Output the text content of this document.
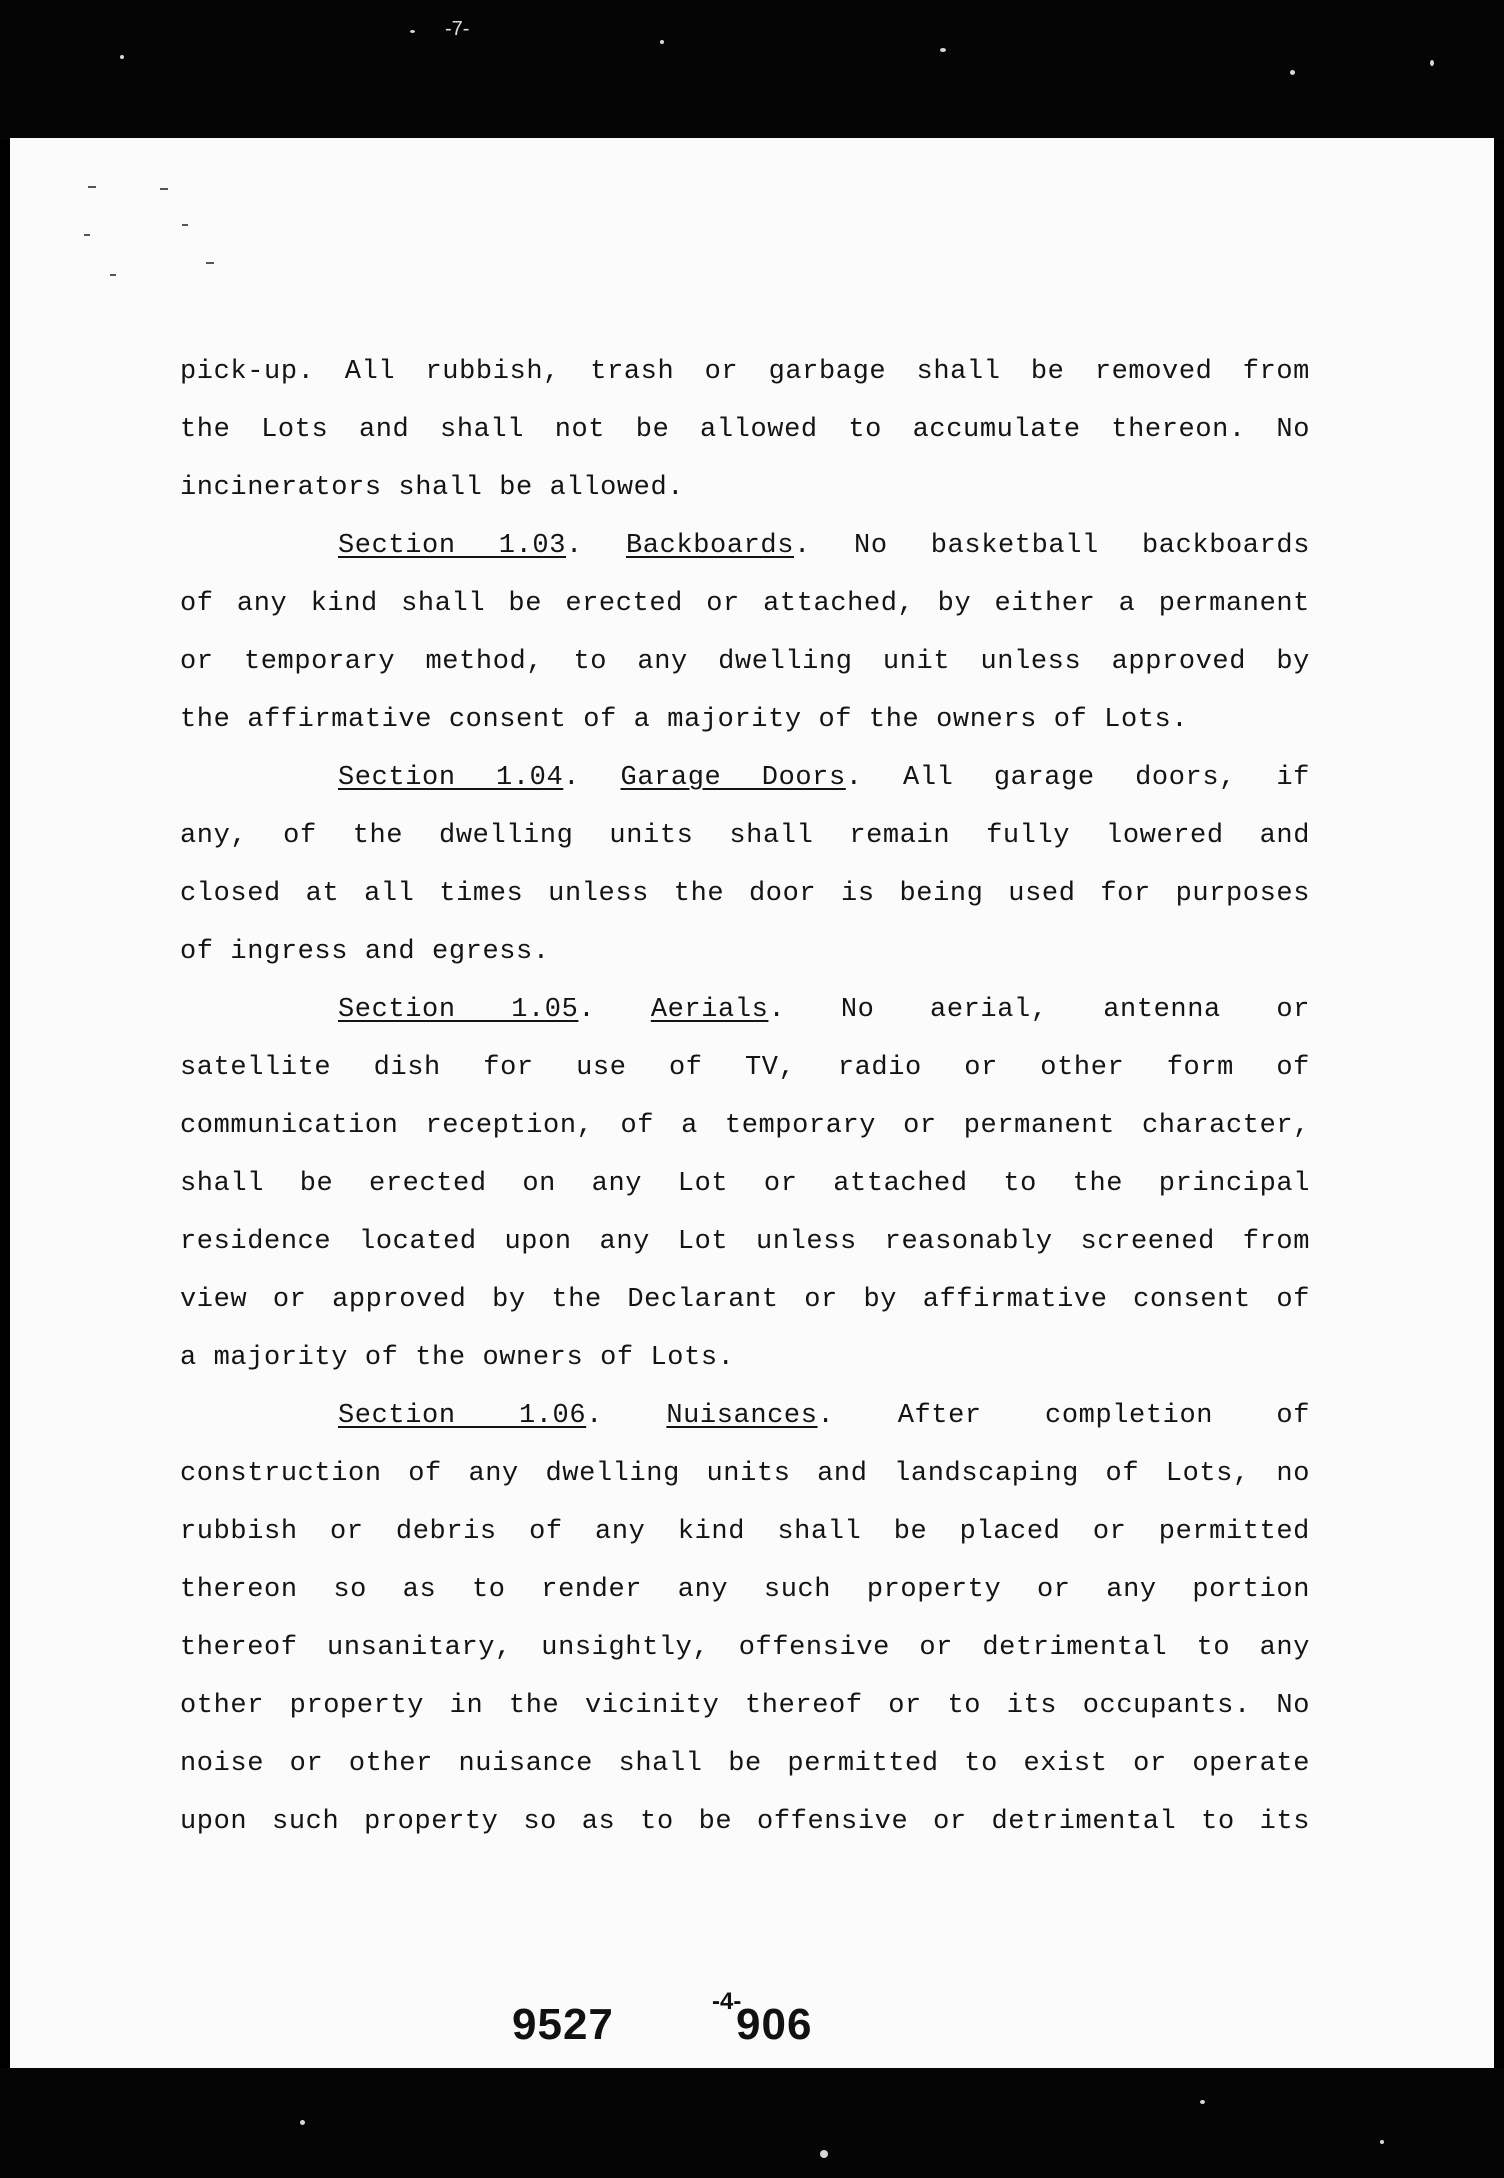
pick-up. All rubbish, trash or garbage shall be removed from
the Lots and shall not be allowed to accumulate thereon. No
incinerators shall be allowed.
Section 1.03. Backboards. No basketball backboards
of any kind shall be erected or attached, by either a permanent
or temporary method, to any dwelling unit unless approved by
the affirmative consent of a majority of the owners of Lots.
Section 1.04. Garage Doors. All garage doors, if
any, of the dwelling units shall remain fully lowered and
closed at all times unless the door is being used for purposes
of ingress and egress.
Section 1.05. Aerials. No aerial, antenna or
satellite dish for use of TV, radio or other form of
communication reception, of a temporary or permanent character,
shall be erected on any Lot or attached to the principal
residence located upon any Lot unless reasonably screened from
view or approved by the Declarant or by affirmative consent of
a majority of the owners of Lots.
Section 1.06. Nuisances. After completion of
construction of any dwelling units and landscaping of Lots, no
rubbish or debris of any kind shall be placed or permitted
thereon so as to render any such property or any portion
thereof unsanitary, unsightly, offensive or detrimental to any
other property in the vicinity thereof or to its occupants. No
noise or other nuisance shall be permitted to exist or operate
upon such property so as to be offensive or detrimental to its
9527	-4-
906
-7-
